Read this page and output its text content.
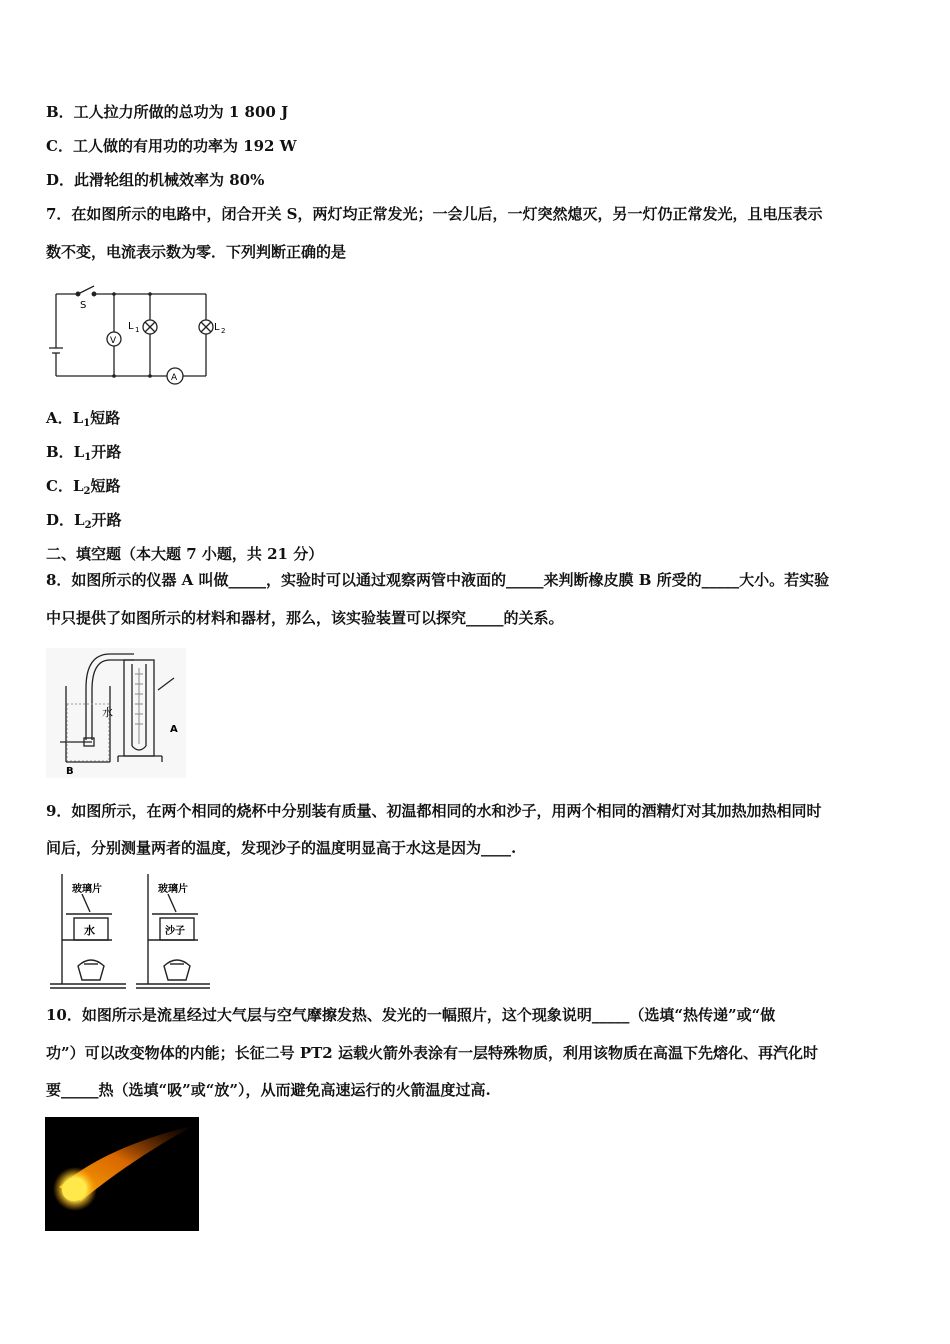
B．工人拉力所做的总功为 1 800 J
C．工人做的有用功的功率为 192 W
D．此滑轮组的机械效率为 80%
7．在如图所示的电路中，闭合开关 S，两灯均正常发光；一会儿后，一灯突然熄灭，另一灯仍正常发光，且电压表示
数不变，电流表示数为零．下列判断正确的是
S
L 1	L 2
V
A
A．$L_1$短路
B．$L_1$开路
C．$L_2$短路
D．$L_2$开路
二、填空题（本大题 7 小题，共 21 分）
8．如图所示的仪器 A 叫做_____，实验时可以通过观察两管中液面的_____来判断橡皮膜 B 所受的_____大小。若实验
中只提供了如图所示的材料和器材，那么，该实验装置可以探究_____的关系。
水
A
B
9．如图所示，在两个相同的烧杯中分别装有质量、初温都相同的水和沙子，用两个相同的酒精灯对其加热加热相同时
间后，分别测量两者的温度，发现沙子的温度明显高于水这是因为____.
玻璃片	玻璃片
水	沙子
10．如图所示是流星经过大气层与空气摩擦发热、发光的一幅照片，这个现象说明_____（选填“热传递”或“做
功”）可以改变物体的内能；长征二号 PT2 运载火箭外表涂有一层特殊物质，利用该物质在高温下先熔化、再汽化时
要_____热（选填“吸”或“放”），从而避免高速运行的火箭温度过高.
